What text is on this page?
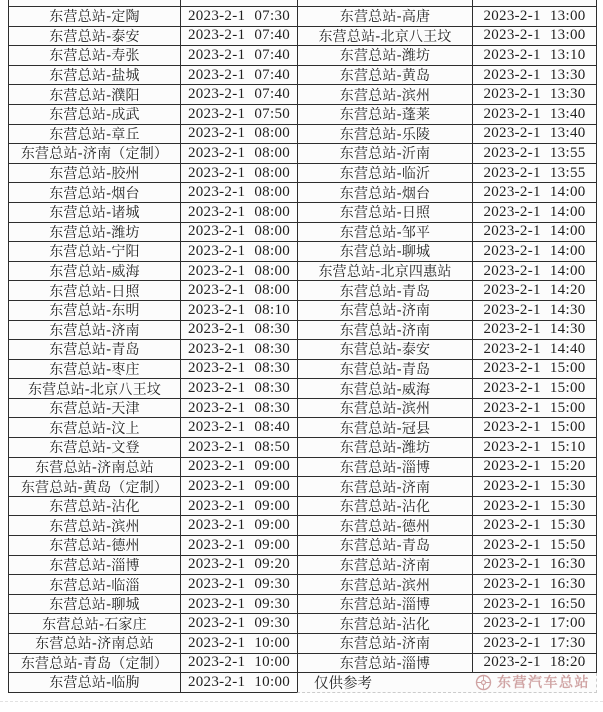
东营总站-定陶	2023-2-1 07:30	东营总站-高唐	2023-2-1 13:00
东营总站-泰安	2023-2-1 07:40	东营总站-北京八王坟	2023-2-1 13:00
东营总站-寿张	2023-2-1 07:40	东营总站-潍坊	2023-2-1 13:10
东营总站-盐城	2023-2-1 07:40	东营总站-黄岛	2023-2-1 13:30
东营总站-濮阳	2023-2-1 07:40	东营总站-滨州	2023-2-1 13:30
东营总站-成武	2023-2-1 07:50	东营总站-蓬莱	2023-2-1 13:40
东营总站-章丘	2023-2-1 08:00	东营总站-乐陵	2023-2-1 13:40
东营总站-济南（定制）	2023-2-1 08:00	东营总站-沂南	2023-2-1 13:55
东营总站-胶州	2023-2-1 08:00	东营总站-临沂	2023-2-1 13:55
东营总站-烟台	2023-2-1 08:00	东营总站-烟台	2023-2-1 14:00
东营总站-诸城	2023-2-1 08:00	东营总站-日照	2023-2-1 14:00
东营总站-潍坊	2023-2-1 08:00	东营总站-邹平	2023-2-1 14:00
东营总站-宁阳	2023-2-1 08:00	东营总站-聊城	2023-2-1 14:00
东营总站-威海	2023-2-1 08:00	东营总站-北京四惠站	2023-2-1 14:00
东营总站-日照	2023-2-1 08:00	东营总站-青岛	2023-2-1 14:20
东营总站-东明	2023-2-1 08:10	东营总站-济南	2023-2-1 14:30
东营总站-济南	2023-2-1 08:30	东营总站-济南	2023-2-1 14:30
东营总站-青岛	2023-2-1 08:30	东营总站-泰安	2023-2-1 14:40
东营总站-枣庄	2023-2-1 08:30	东营总站-青岛	2023-2-1 15:00
东营总站-北京八王坟	2023-2-1 08:30	东营总站-威海	2023-2-1 15:00
东营总站-天津	2023-2-1 08:30	东营总站-滨州	2023-2-1 15:00
东营总站-汶上	2023-2-1 08:40	东营总站-冠县	2023-2-1 15:00
东营总站-文登	2023-2-1 08:50	东营总站-潍坊	2023-2-1 15:10
东营总站-济南总站	2023-2-1 09:00	东营总站-淄博	2023-2-1 15:20
东营总站-黄岛（定制）	2023-2-1 09:00	东营总站-济南	2023-2-1 15:30
东营总站-沾化	2023-2-1 09:00	东营总站-沾化	2023-2-1 15:30
东营总站-滨州	2023-2-1 09:00	东营总站-德州	2023-2-1 15:30
东营总站-德州	2023-2-1 09:00	东营总站-青岛	2023-2-1 15:50
东营总站-淄博	2023-2-1 09:20	东营总站-济南	2023-2-1 16:30
东营总站-临淄	2023-2-1 09:30	东营总站-滨州	2023-2-1 16:30
东营总站-聊城	2023-2-1 09:30	东营总站-淄博	2023-2-1 16:50
东营总站-石家庄	2023-2-1 09:30	东营总站-沾化	2023-2-1 17:00
东营总站-济南总站	2023-2-1 10:00	东营总站-济南	2023-2-1 17:30
东营总站-青岛（定制）	2023-2-1 10:00	东营总站-淄博	2023-2-1 18:20
东营总站-临朐	2023-2-1 10:00	仅供参考	东营汽车总站
